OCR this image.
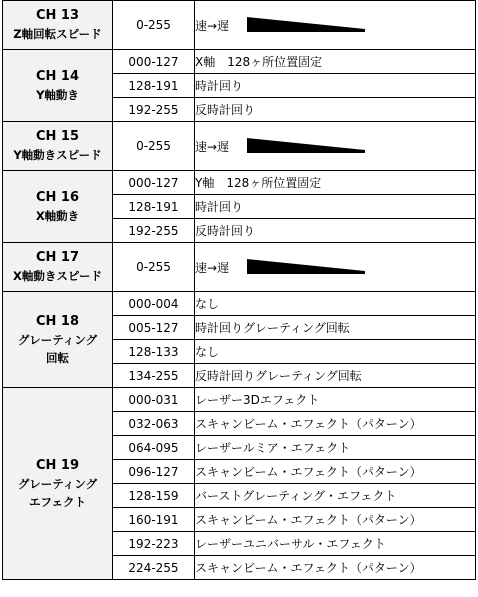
CH 13
Z軸回転スピード	0-255	速→遅

CH 14
Y軸動き	000-127	X軸　128ヶ所位置固定
	128-191	時計回り
	192-255	反時計回り

CH 15
Y軸動きスピード	0-255	速→遅

CH 16
X軸動き	000-127	Y軸　128ヶ所位置固定
	128-191	時計回り
	192-255	反時計回り

CH 17
X軸動きスピード	0-255	速→遅

CH 18
グレーティング
回転	000-004	なし
	005-127	時計回りグレーティング回転
	128-133	なし
	134-255	反時計回りグレーティング回転

CH 19
グレーティング
エフェクト	000-031	レーザー3Dエフェクト
	032-063	スキャンビーム・エフェクト（パターン）
	064-095	レーザールミア・エフェクト
	096-127	スキャンビーム・エフェクト（パターン）
	128-159	バーストグレーティング・エフェクト
	160-191	スキャンビーム・エフェクト（パターン）
	192-223	レーザーユニバーサル・エフェクト
	224-255	スキャンビーム・エフェクト（パターン）
